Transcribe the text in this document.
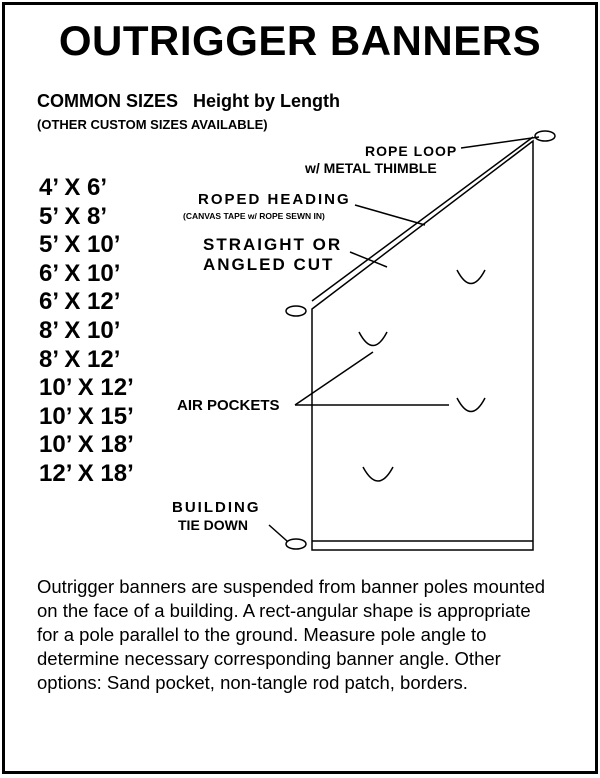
OUTRIGGER BANNERS
COMMON SIZES   Height by Length
(OTHER CUSTOM SIZES AVAILABLE)
4’ X 6’
5’ X 8’
5’ X 10’
6’ X 10’
6’ X 12’
8’ X 10’
8’ X 12’
10’ X 12’
10’ X 15’
10’ X 18’
12’ X 18’
ROPE LOOP
w/ METAL THIMBLE
ROPED HEADING
(CANVAS TAPE w/ ROPE SEWN IN)
STRAIGHT OR
ANGLED CUT
AIR POCKETS
BUILDING
TIE DOWN
Outrigger banners are suspended from banner poles mounted on the face of a building. A rect-angular shape is appropriate for a pole parallel to the ground. Measure pole angle to determine necessary corresponding banner angle. Other options: Sand pocket, non-tangle rod patch, borders.
